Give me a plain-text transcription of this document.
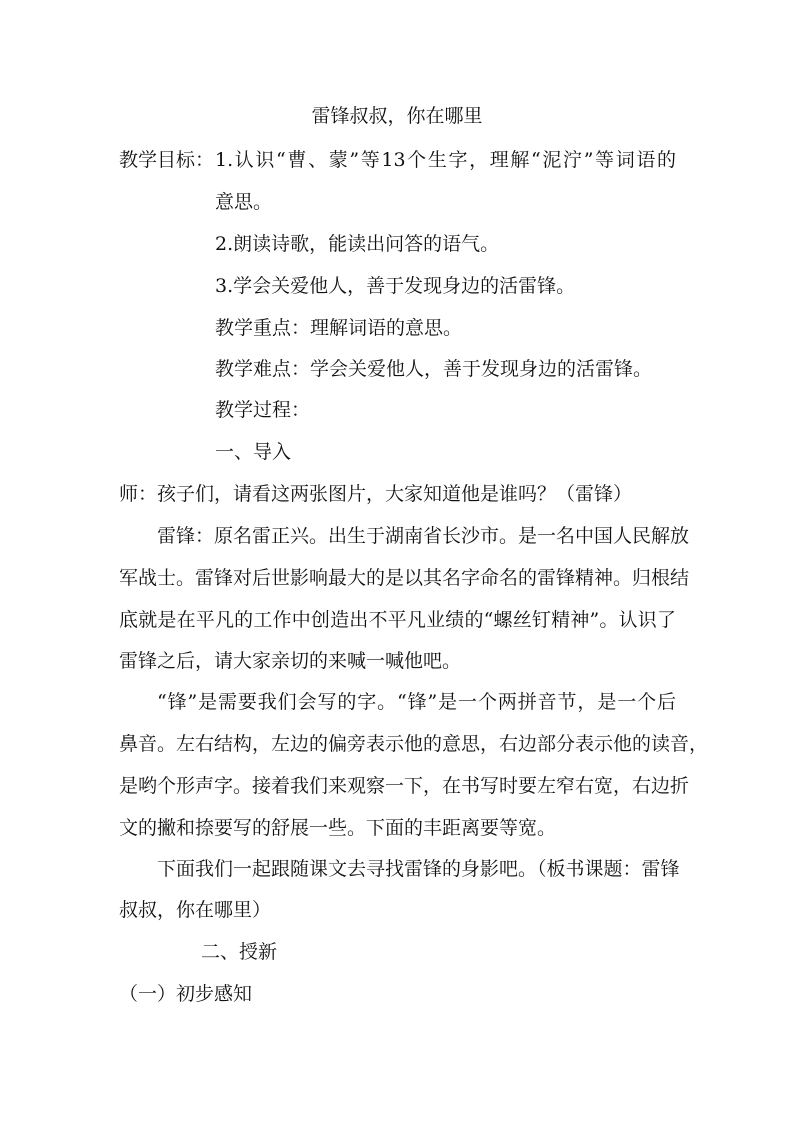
雷锋叔叔，你在哪里
教学目标： 1.认识“曹、蒙”等13个生字，理解“泥泞”等词语的
意思。
2.朗读诗歌，能读出问答的语气。
3.学会关爱他人，善于发现身边的活雷锋。
教学重点：理解词语的意思。
教学难点：学会关爱他人，善于发现身边的活雷锋。
教学过程：
一、导入
师：孩子们，请看这两张图片，大家知道他是谁吗？（雷锋）
雷锋：原名雷正兴。出生于湖南省长沙市。是一名中国人民解放
军战士。雷锋对后世影响最大的是以其名字命名的雷锋精神。归根结
底就是在平凡的工作中创造出不平凡业绩的“螺丝钉精神”。认识了
雷锋之后，请大家亲切的来喊一喊他吧。
“锋”是需要我们会写的字。“锋”是一个两拼音节，是一个后
鼻音。左右结构，左边的偏旁表示他的意思，右边部分表示他的读音，
是哟个形声字。接着我们来观察一下，在书写时要左窄右宽，右边折
文的撇和捺要写的舒展一些。下面的丰距离要等宽。
下面我们一起跟随课文去寻找雷锋的身影吧。（板书课题：雷锋
叔叔，你在哪里）
二、授新
（一）初步感知
